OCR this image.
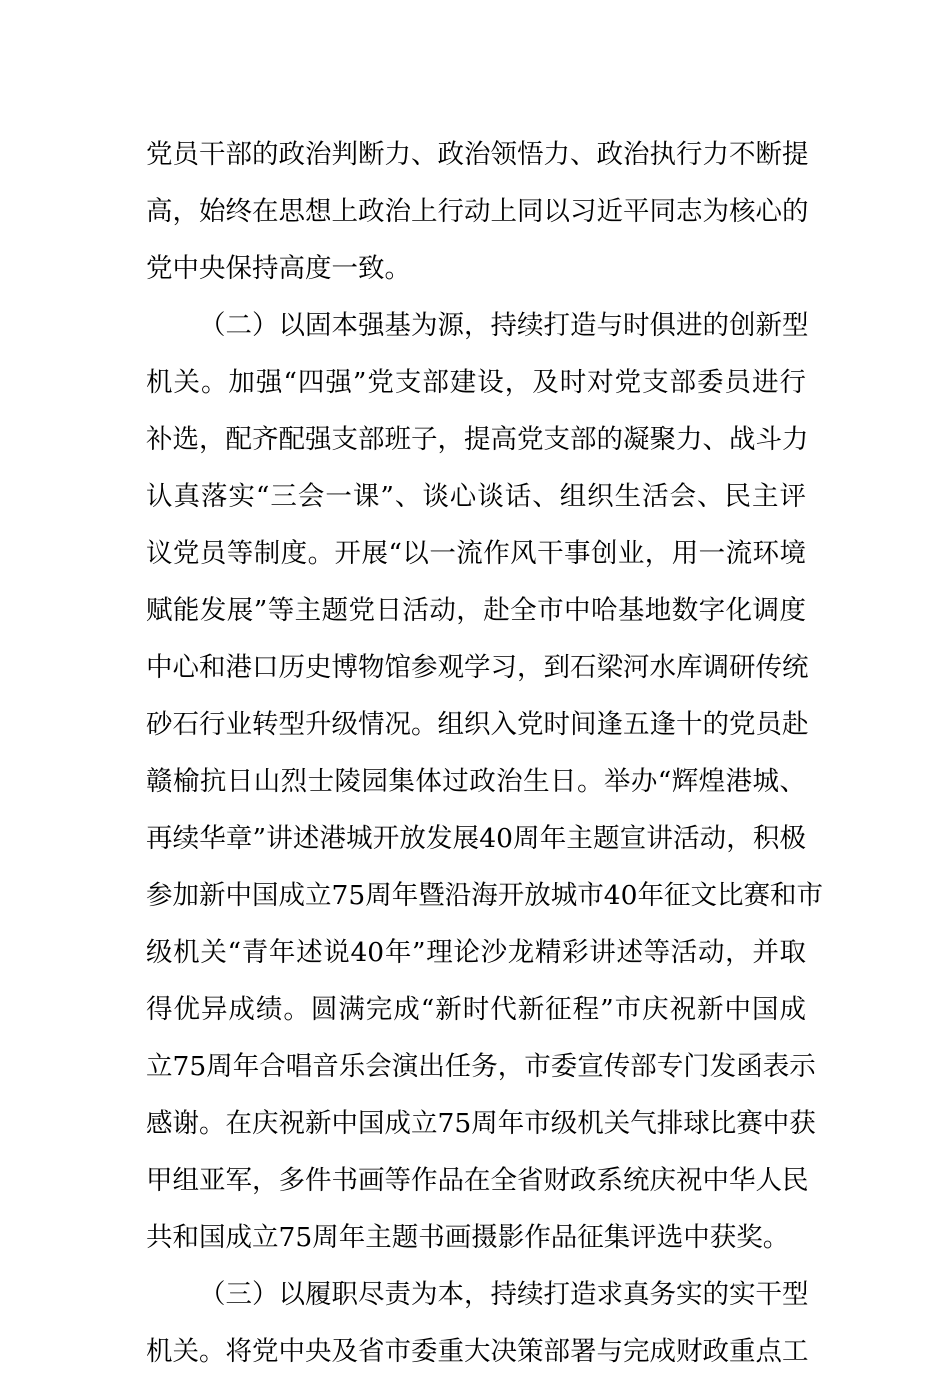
党员干部的政治判断力、政治领悟力、政治执行力不断提
高，始终在思想上政治上行动上同以习近平同志为核心的
党中央保持高度一致。
（二）以固本强基为源，持续打造与时俱进的创新型
机关。加强“四强”党支部建设，及时对党支部委员进行
补选，配齐配强支部班子，提高党支部的凝聚力、战斗力
认真落实“三会一课”、谈心谈话、组织生活会、民主评
议党员等制度。开展“以一流作风干事创业，用一流环境
赋能发展”等主题党日活动，赴全市中哈基地数字化调度
中心和港口历史博物馆参观学习，到石梁河水库调研传统
砂石行业转型升级情况。组织入党时间逢五逢十的党员赴
赣榆抗日山烈士陵园集体过政治生日。举办“辉煌港城、
再续华章”讲述港城开放发展40周年主题宣讲活动，积极
参加新中国成立75周年暨沿海开放城市40年征文比赛和市
级机关“青年述说40年”理论沙龙精彩讲述等活动，并取
得优异成绩。圆满完成“新时代新征程”市庆祝新中国成
立75周年合唱音乐会演出任务，市委宣传部专门发函表示
感谢。在庆祝新中国成立75周年市级机关气排球比赛中获
甲组亚军，多件书画等作品在全省财政系统庆祝中华人民
共和国成立75周年主题书画摄影作品征集评选中获奖。
（三）以履职尽责为本，持续打造求真务实的实干型
机关。将党中央及省市委重大决策部署与完成财政重点工
